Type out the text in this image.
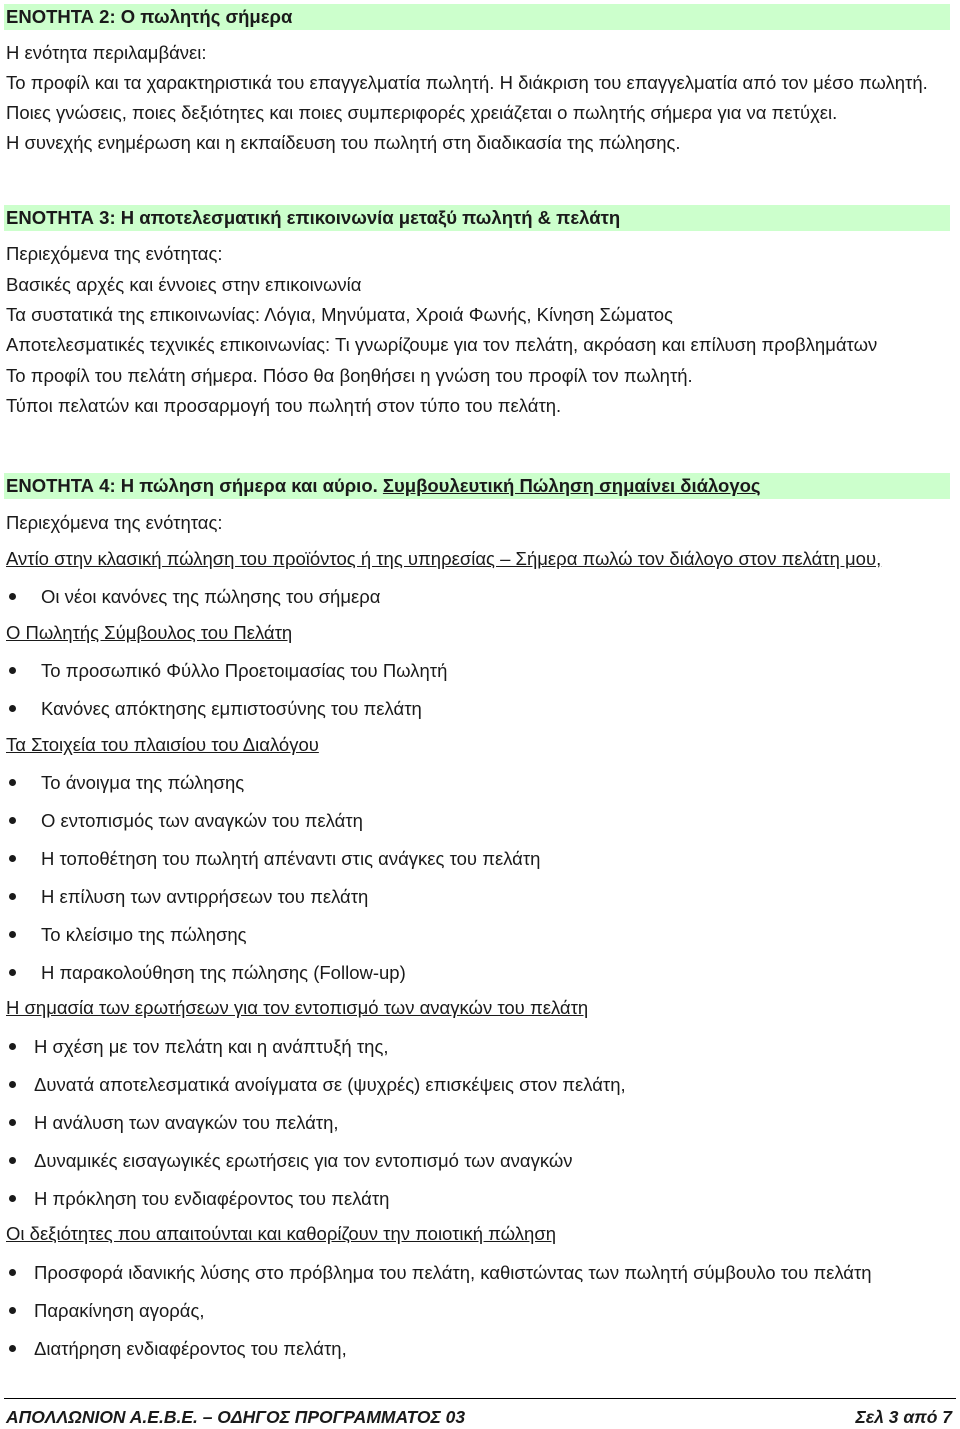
ΕΝΟΤΗΤΑ 2: Ο πωλητής σήμερα
Η ενότητα περιλαμβάνει:
Το προφίλ και τα χαρακτηριστικά του επαγγελματία πωλητή. Η διάκριση του επαγγελματία από τον μέσο πωλητή.
Ποιες γνώσεις, ποιες δεξιότητες και ποιες συμπεριφορές χρειάζεται ο πωλητής σήμερα για να πετύχει.
Η συνεχής ενημέρωση και η εκπαίδευση του πωλητή στη διαδικασία της πώλησης.
ΕΝΟΤΗΤΑ 3: Η αποτελεσματική επικοινωνία μεταξύ πωλητή & πελάτη
Περιεχόμενα της ενότητας:
Βασικές αρχές και έννοιες στην επικοινωνία
Τα συστατικά της επικοινωνίας: Λόγια, Μηνύματα, Χροιά Φωνής, Κίνηση Σώματος
Αποτελεσματικές τεχνικές επικοινωνίας: Τι γνωρίζουμε για τον πελάτη, ακρόαση και επίλυση προβλημάτων
Το προφίλ του πελάτη σήμερα. Πόσο θα βοηθήσει η γνώση του προφίλ τον πωλητή.
Τύποι πελατών και προσαρμογή του πωλητή στον τύπο του πελάτη.
ΕΝΟΤΗΤΑ 4: Η πώληση σήμερα και αύριο. Συμβουλευτική Πώληση σημαίνει διάλογος
Περιεχόμενα της ενότητας:
Αντίο στην κλασική πώληση του προϊόντος ή της υπηρεσίας – Σήμερα πωλώ τον διάλογο στον πελάτη μου,
Οι νέοι κανόνες της πώλησης του σήμερα
Ο Πωλητής Σύμβουλος του Πελάτη
Το προσωπικό Φύλλο Προετοιμασίας του Πωλητή
Κανόνες απόκτησης εμπιστοσύνης του πελάτη
Τα Στοιχεία του πλαισίου του Διαλόγου
Το άνοιγμα της πώλησης
Ο εντοπισμός των αναγκών του πελάτη
Η τοποθέτηση του πωλητή απέναντι στις ανάγκες του πελάτη
Η επίλυση των αντιρρήσεων του πελάτη
Το κλείσιμο της πώλησης
Η παρακολούθηση της πώλησης (Follow-up)
Η σημασία των ερωτήσεων για τον εντοπισμό των αναγκών του πελάτη
Η σχέση με τον πελάτη και η ανάπτυξή της,
Δυνατά αποτελεσματικά ανοίγματα σε (ψυχρές) επισκέψεις στον πελάτη,
Η ανάλυση των αναγκών του πελάτη,
Δυναμικές εισαγωγικές ερωτήσεις για τον εντοπισμό των αναγκών
Η πρόκληση του ενδιαφέροντος του πελάτη
Οι δεξιότητες που απαιτούνται και καθορίζουν την ποιοτική πώληση
Προσφορά ιδανικής λύσης στο πρόβλημα του πελάτη, καθιστώντας των πωλητή σύμβουλο του πελάτη
Παρακίνηση αγοράς,
Διατήρηση ενδιαφέροντος του πελάτη,
ΑΠΟΛΛΩΝΙΟΝ Α.Ε.Β.Ε. – ΟΔΗΓΟΣ ΠΡΟΓΡΑΜΜΑΤΟΣ 03	Σελ 3 από 7
